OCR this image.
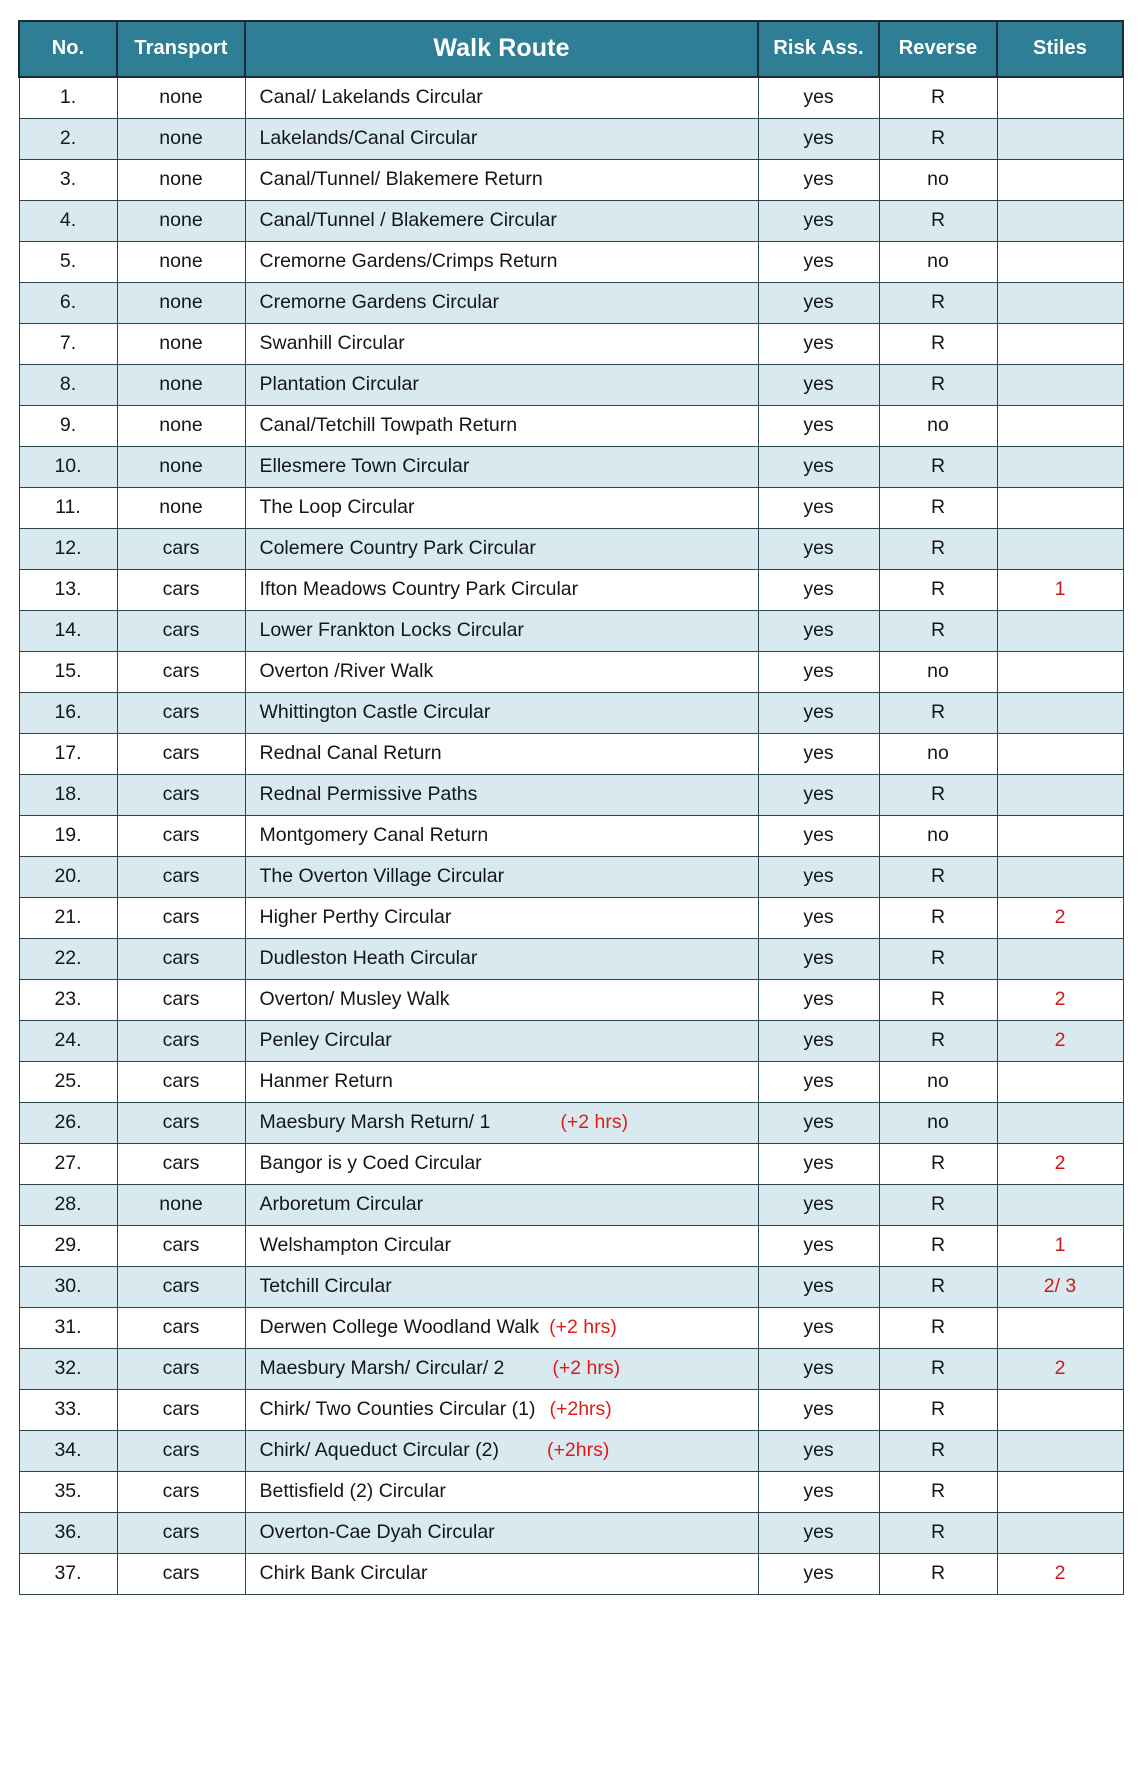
No.	Transport	Walk Route	Risk Ass.	Reverse	Stiles
1.	none	Canal/ Lakelands Circular	yes	R	
2.	none	Lakelands/Canal Circular	yes	R	
3.	none	Canal/Tunnel/ Blakemere Return	yes	no	
4.	none	Canal/Tunnel / Blakemere Circular	yes	R	
5.	none	Cremorne Gardens/Crimps Return	yes	no	
6.	none	Cremorne Gardens Circular	yes	R	
7.	none	Swanhill Circular	yes	R	
8.	none	Plantation Circular	yes	R	
9.	none	Canal/Tetchill Towpath Return	yes	no	
10.	none	Ellesmere Town Circular	yes	R	
11.	none	The Loop Circular	yes	R	
12.	cars	Colemere Country Park Circular	yes	R	
13.	cars	Ifton Meadows Country Park Circular	yes	R	1
14.	cars	Lower Frankton Locks Circular	yes	R	
15.	cars	Overton /River Walk	yes	no	
16.	cars	Whittington Castle Circular	yes	R	
17.	cars	Rednal Canal Return	yes	no	
18.	cars	Rednal Permissive Paths	yes	R	
19.	cars	Montgomery Canal Return	yes	no	
20.	cars	The Overton Village Circular	yes	R	
21.	cars	Higher Perthy Circular	yes	R	2
22.	cars	Dudleston Heath Circular	yes	R	
23.	cars	Overton/ Musley Walk	yes	R	2
24.	cars	Penley Circular	yes	R	2
25.	cars	Hanmer Return	yes	no	
26.	cars	Maesbury Marsh Return/ 1 (+2 hrs)	yes	no	
27.	cars	Bangor is y Coed Circular	yes	R	2
28.	none	Arboretum Circular	yes	R	
29.	cars	Welshampton Circular	yes	R	1
30.	cars	Tetchill Circular	yes	R	2/ 3
31.	cars	Derwen College Woodland Walk (+2 hrs)	yes	R	
32.	cars	Maesbury Marsh/ Circular/ 2 (+2 hrs)	yes	R	2
33.	cars	Chirk/ Two Counties Circular (1) (+2hrs)	yes	R	
34.	cars	Chirk/ Aqueduct Circular (2) (+2hrs)	yes	R	
35.	cars	Bettisfield (2) Circular	yes	R	
36.	cars	Overton-Cae Dyah Circular	yes	R	
37.	cars	Chirk Bank Circular	yes	R	2
